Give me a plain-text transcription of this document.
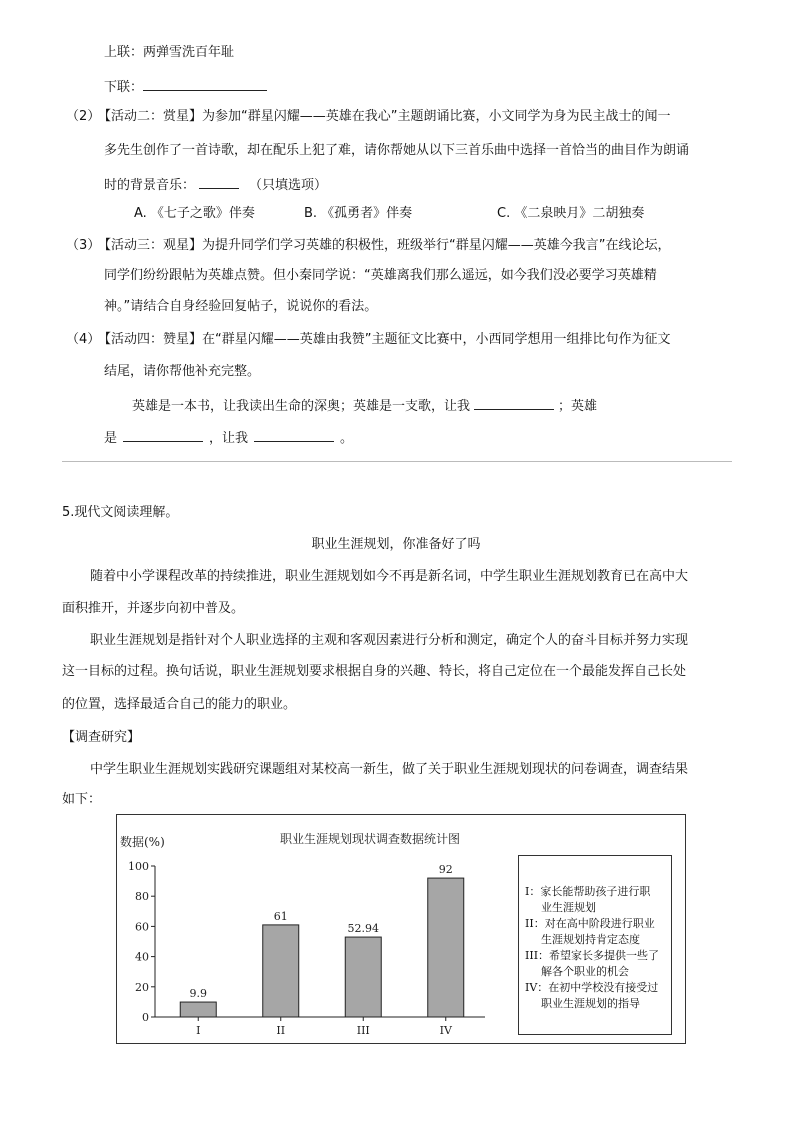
上联：两弹雪洗百年耻
下联：
（2）【活动二：赏星】为参加“群星闪耀——英雄在我心”主题朗诵比赛，小文同学为身为民主战士的闻一
多先生创作了一首诗歌，却在配乐上犯了难，请你帮她从以下三首乐曲中选择一首恰当的曲目作为朗诵
时的背景音乐：	（只填选项）
A. 《七子之歌》伴奏	B. 《孤勇者》伴奏	C. 《二泉映月》二胡独奏
（3）【活动三：观星】为提升同学们学习英雄的积极性，班级举行“群星闪耀——英雄今我言”在线论坛，
同学们纷纷跟帖为英雄点赞。但小秦同学说：“英雄离我们那么遥远，如今我们没必要学习英雄精
神。”请结合自身经验回复帖子，说说你的看法。
（4）【活动四：赞星】在“群星闪耀——英雄由我赞”主题征文比赛中，小西同学想用一组排比句作为征文
结尾，请你帮他补充完整。
英雄是一本书，让我读出生命的深奥；英雄是一支歌，让我	；英雄
是	，让我	。
5.现代文阅读理解。
职业生涯规划，你准备好了吗
随着中小学课程改革的持续推进，职业生涯规划如今不再是新名词，中学生职业生涯规划教育已在高中大
面积推开，并逐步向初中普及。
职业生涯规划是指针对个人职业选择的主观和客观因素进行分析和测定，确定个人的奋斗目标并努力实现
这一目标的过程。换句话说，职业生涯规划要求根据自身的兴趣、特长，将自己定位在一个最能发挥自己长处
的位置，选择最适合自己的能力的职业。
【调查研究】
中学生职业生涯规划实践研究课题组对某校高一新生，做了关于职业生涯规划现状的问卷调查，调查结果
如下：
职业生涯规划现状调查数据统计图
数据(%)
0
20
40
60
80
100
9.9
I
61
II
52.94
III
92
IV
I：家长能帮助孩子进行职
业生涯规划
II：对在高中阶段进行职业
生涯规划持肯定态度
III：希望家长多提供一些了
解各个职业的机会
IV：在初中学校没有接受过
职业生涯规划的指导
